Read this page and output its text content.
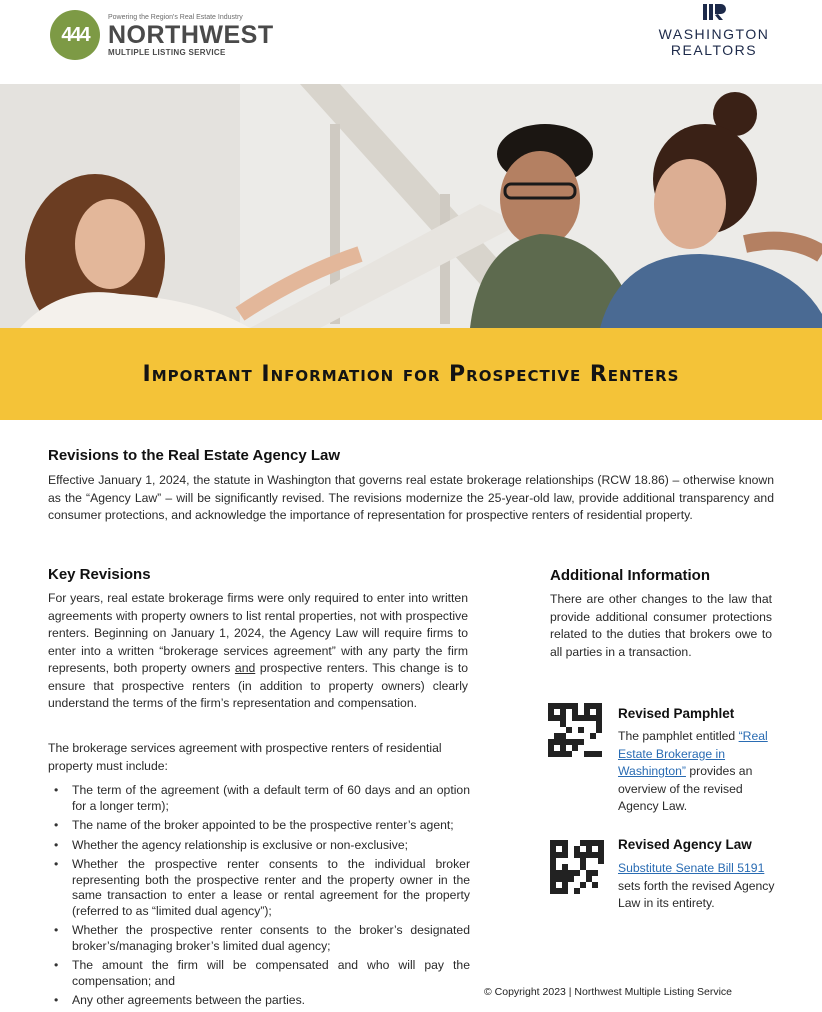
444
Powering the Region's Real Estate Industry
NORTHWEST
MULTIPLE LISTING SERVICE
WASHINGTON
REALTORS
Important Information for Prospective Renters
Revisions to the Real Estate Agency Law
Effective January 1, 2024, the statute in Washington that governs real estate brokerage relationships (RCW 18.86) – otherwise known as the “Agency Law” – will be significantly revised. The revisions modernize the 25-year-old law, provide additional transparency and consumer protections, and acknowledge the importance of representation for prospective renters of residential property.
Key Revisions
For years, real estate brokerage firms were only required to enter into written agreements with property owners to list rental properties, not with prospective renters. Beginning on January 1, 2024, the Agency Law will require firms to enter into a written “brokerage services agreement” with any party the firm represents, both property owners and prospective renters. This change is to ensure that prospective renters (in addition to property owners) clearly understand the terms of the firm’s representation and compensation.
The brokerage services agreement with prospective renters of residential property must include:
• The term of the agreement (with a default term of 60 days and an option for a longer term);
• The name of the broker appointed to be the prospective renter’s agent;
• Whether the agency relationship is exclusive or non-exclusive;
• Whether the prospective renter consents to the individual broker representing both the prospective renter and the property owner in the same transaction to enter a lease or rental agreement for the property (referred to as “limited dual agency”);
• Whether the prospective renter consents to the broker’s designated broker’s/managing broker’s limited dual agency;
• The amount the firm will be compensated and who will pay the compensation; and
• Any other agreements between the parties.
Additional Information
There are other changes to the law that provide additional consumer protections related to the duties that brokers owe to all parties in a transaction.
Revised Pamphlet
The pamphlet entitled “Real Estate Brokerage in Washington” provides an overview of the revised Agency Law.
Revised Agency Law
Substitute Senate Bill 5191 sets forth the revised Agency Law in its entirety.
© Copyright 2023 | Northwest Multiple Listing Service
